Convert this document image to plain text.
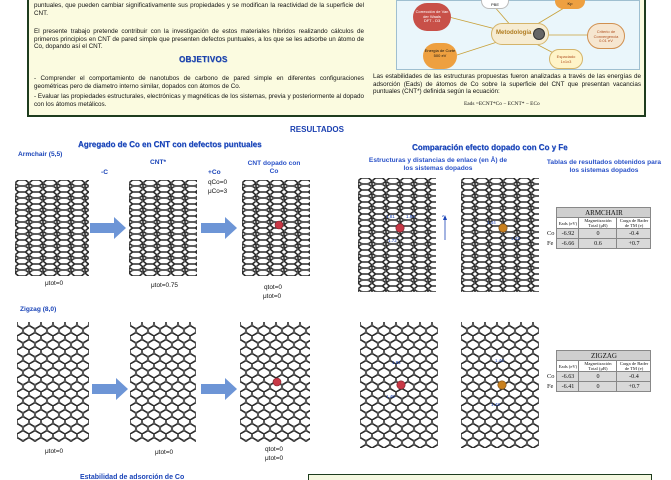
puntuales, que pueden cambiar significativamente sus propiedades y se modifican la reactividad de la superficie del CNT.
El presente trabajo pretende contribuir con la investigación de estos materiales híbridos realizando cálculos de primeros principios en CNT de pared simple que presenten defectos puntuales, a los que se les adsorbe un átomo de Co, dopando así el CNT.
OBJETIVOS
- Comprender el comportamiento de nanotubos de carbono de pared simple en diferentes configuraciones geométricas pero de diametro interno similar, dopados con átomos de Co.
- Evaluar las propiedades estructurales, electrónicas y magnéticas de los sistemas, previa y posteriormente al dopado con los átomos metálicos.
Metodología
Corrección de Van der Waals
DFT - D3
PBE	Kp
Energía de Corte
500 eV
Criterio de Convergencia
0.01 eV
Espaciado
1x1x3
Las estabilidades de las estructuras propuestas fueron analizadas a través de las energías de adsorción (Eads) de átomos de Co sobre la superficie del CNT que presentan vacancias puntuales (CNT*) definida según la ecuación:
Eads =ECNT*Co − ECNT* − ECo
RESULTADOS
Agregado de Co en CNT con defectos puntuales
Armchair (5,5)
CNT*
-C	+Co
CNT dopado con Co
qCo=0
μCo=3
μtot=0	μtot=0.75	qtot=0
μtot=0
Zigzag (8,0)
μtot=0	μtot=0	qtot=0
μtot=0
Estabilidad de adsorción de Co
Comparación efecto dopado con Co y Fe
Estructuras y distancias de enlace (en Å) de los sistemas dopados
Tablas de resultados obtenidos para los sistemas dopados
1.81 1.84
1.72
z
1.44
1.43
1.81
1.45
1.44
1.43
	ARMCHAIR		
	Eads (eV)	Magnetización Total (μB)	Carga de Bader de TM (e)
Co	-6.92	0	-0.4
Fe	-6.66	0.6	+0.7
	ZIGZAG		
	Eads (eV)	Magnetización Total (μB)	Carga de Bader de TM (e)
Co	-6.63	0	-0.4
Fe	-6.41	0	+0.7
